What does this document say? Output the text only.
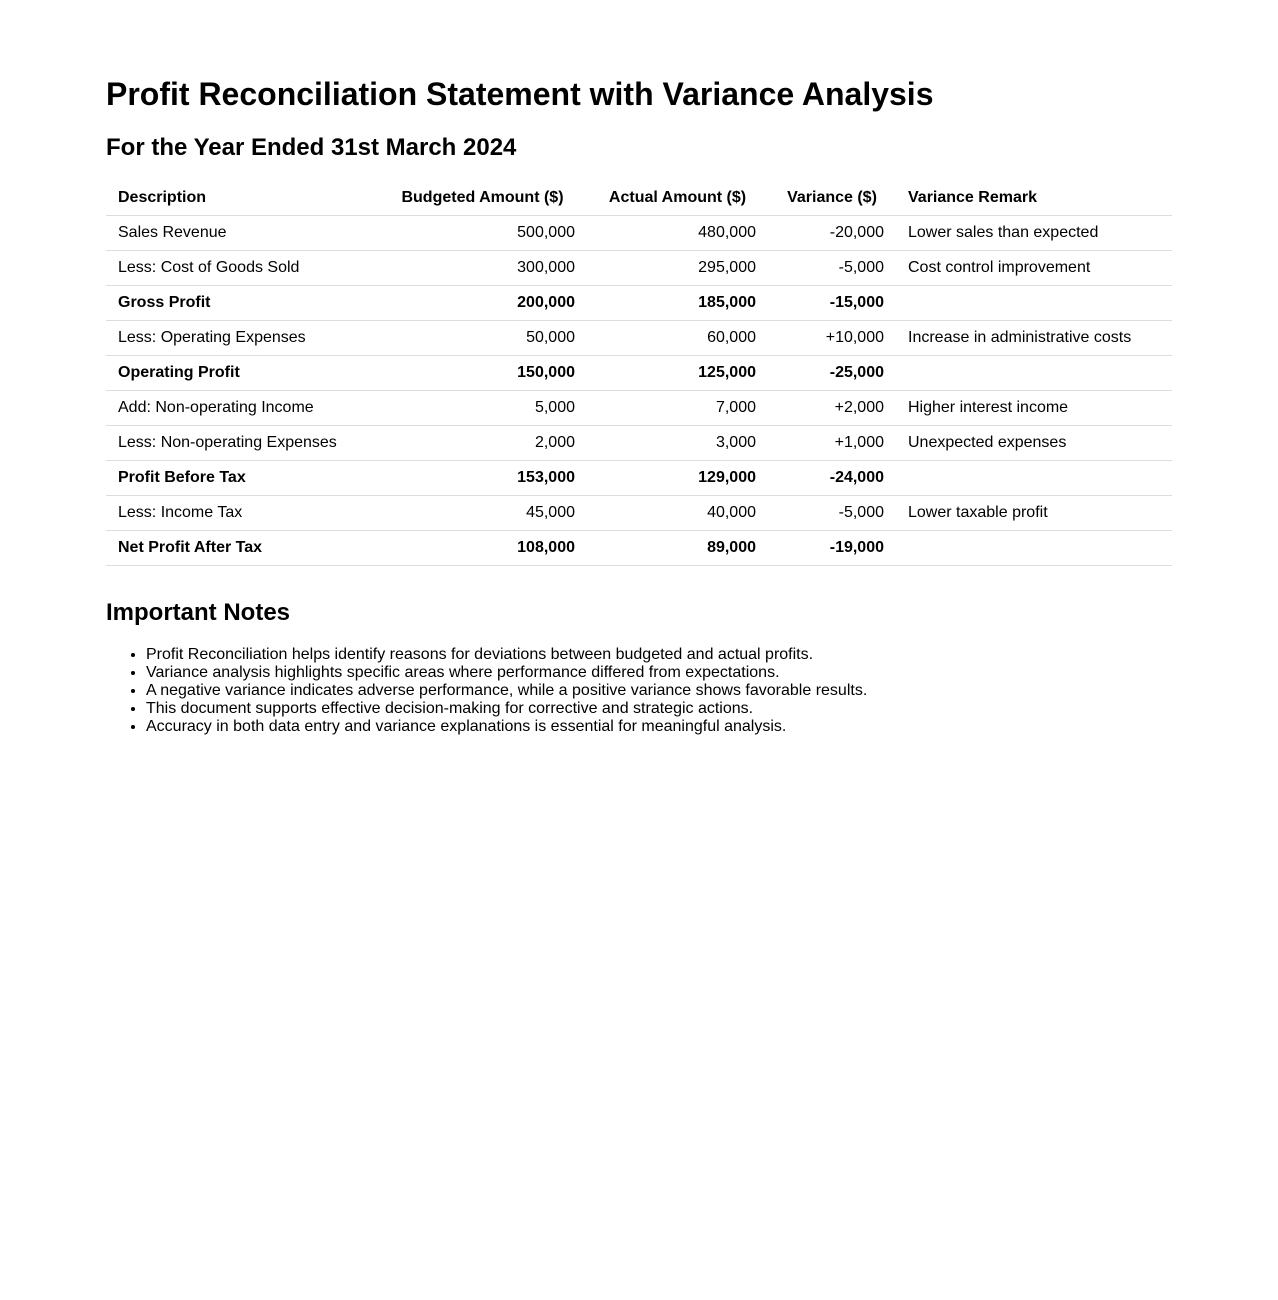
Profit Reconciliation Statement with Variance Analysis
For the Year Ended 31st March 2024
Description	Budgeted Amount ($)	Actual Amount ($)	Variance ($)	Variance Remark
Sales Revenue	500,000	480,000	-20,000	Lower sales than expected
Less: Cost of Goods Sold	300,000	295,000	-5,000	Cost control improvement
Gross Profit	200,000	185,000	-15,000	
Less: Operating Expenses	50,000	60,000	+10,000	Increase in administrative costs
Operating Profit	150,000	125,000	-25,000	
Add: Non-operating Income	5,000	7,000	+2,000	Higher interest income
Less: Non-operating Expenses	2,000	3,000	+1,000	Unexpected expenses
Profit Before Tax	153,000	129,000	-24,000	
Less: Income Tax	45,000	40,000	-5,000	Lower taxable profit
Net Profit After Tax	108,000	89,000	-19,000	
Important Notes
• Profit Reconciliation helps identify reasons for deviations between budgeted and actual profits.
• Variance analysis highlights specific areas where performance differed from expectations.
• A negative variance indicates adverse performance, while a positive variance shows favorable results.
• This document supports effective decision-making for corrective and strategic actions.
• Accuracy in both data entry and variance explanations is essential for meaningful analysis.
